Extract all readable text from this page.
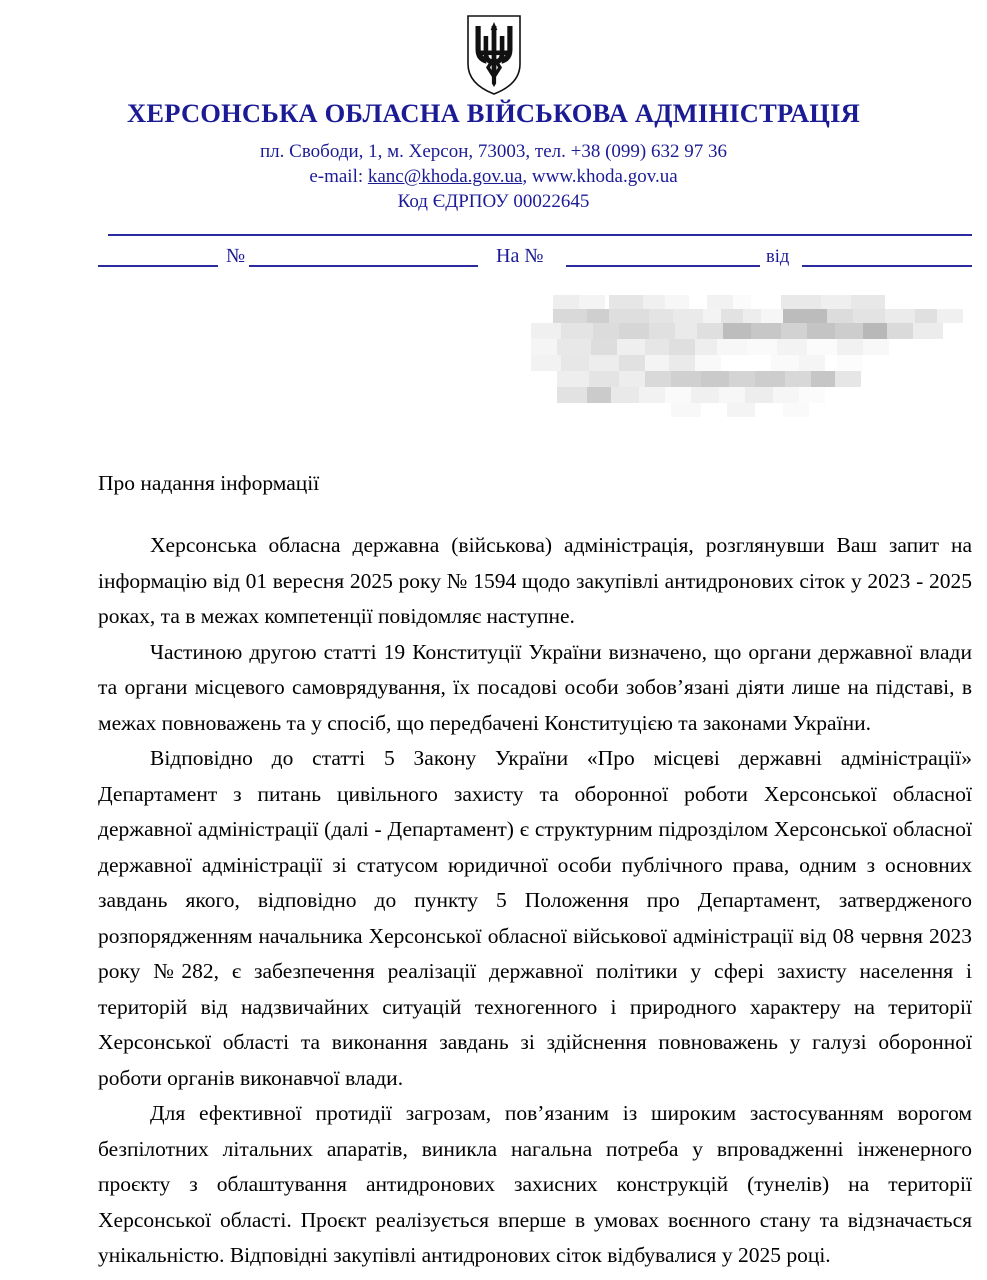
ХЕРСОНСЬКА ОБЛАСНА ВІЙСЬКОВА АДМІНІСТРАЦІЯ
пл. Свободи, 1, м. Херсон, 73003, тел. +38 (099) 632 97 36
e-mail: kanc@khoda.gov.ua, www.khoda.gov.ua
Код ЄДРПОУ 00022645
№	На №	від
Про надання інформації

Херсонська обласна державна (військова) адміністрація, розглянувши Ваш запит на інформацію від 01 вересня 2025 року № 1594 щодо закупівлі антидронових сіток у 2023 - 2025 роках, та в межах компетенції повідомляє наступне.

Частиною другою статті 19 Конституції України визначено, що органи державної влади та органи місцевого самоврядування, їх посадові особи зобов’язані діяти лише на підставі, в межах повноважень та у спосіб, що передбачені Конституцією та законами України.

Відповідно до статті 5 Закону України «Про місцеві державні адміністрації» Департамент з питань цивільного захисту та оборонної роботи Херсонської обласної державної адміністрації (далі - Департамент) є структурним підрозділом Херсонської обласної державної адміністрації зі статусом юридичної особи публічного права, одним з основних завдань якого, відповідно до пункту 5 Положення про Департамент, затвердженого розпорядженням начальника Херсонської обласної військової адміністрації від 08 червня 2023 року №282, є забезпечення реалізації державної політики у сфері захисту населення і територій від надзвичайних ситуацій техногенного і природного характеру на території Херсонської області та виконання завдань зі здійснення повноважень у галузі оборонної роботи органів виконавчої влади.

Для ефективної протидії загрозам, пов’язаним із широким застосуванням ворогом безпілотних літальних апаратів, виникла нагальна потреба у впровадженні інженерного проєкту з облаштування антидронових захисних конструкцій (тунелів) на території Херсонської області. Проєкт реалізується вперше в умовах воєнного стану та відзначається унікальністю. Відповідні закупівлі антидронових сіток відбувалися у 2025 році.
